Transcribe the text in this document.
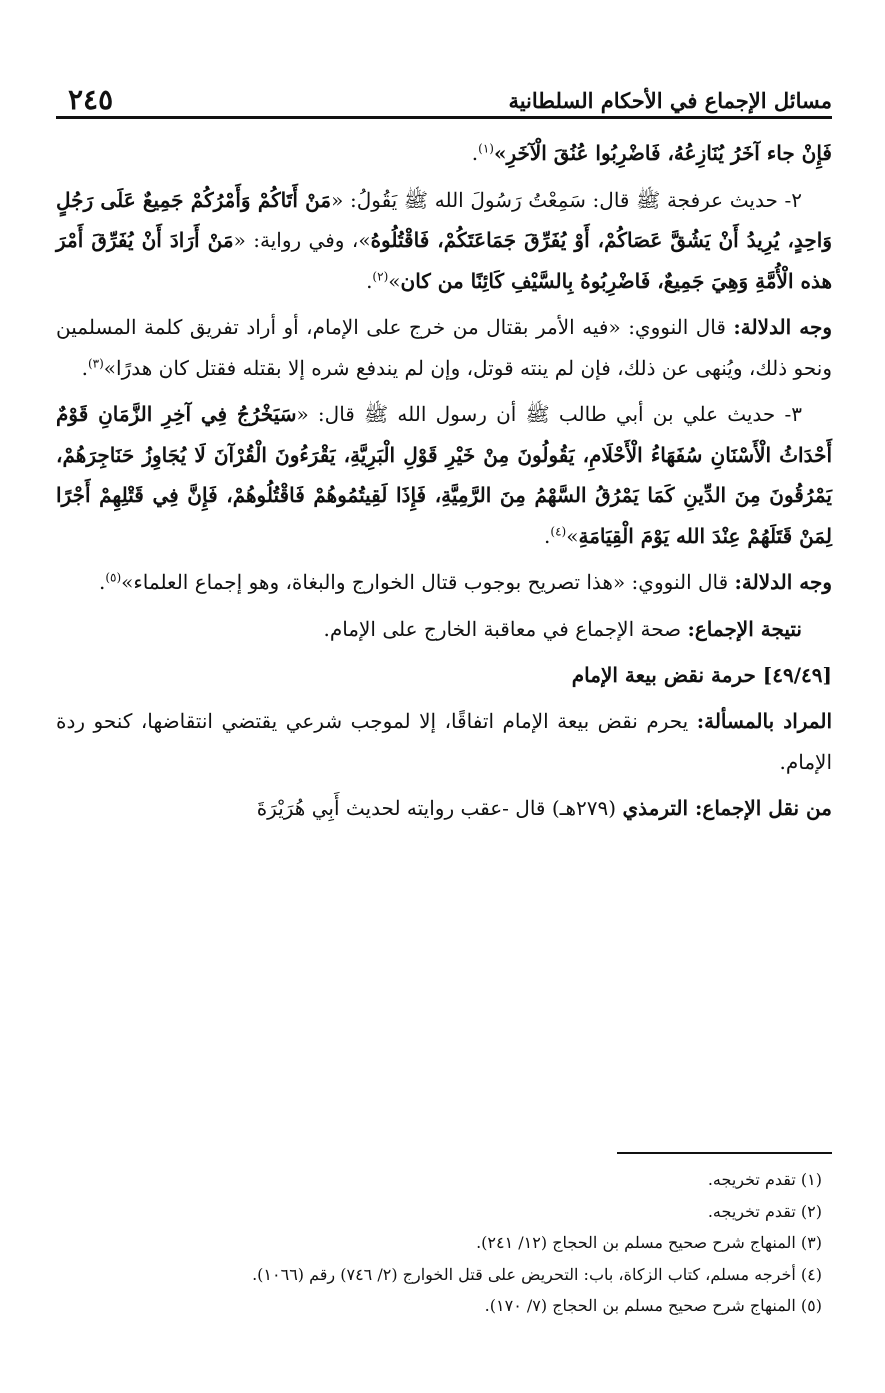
مسائل الإجماع في الأحكام السلطانية
٢٤٥

فَإِنْ جاء آخَرُ يُنَازِعُهُ، فَاضْرِبُوا عُنُقَ الْآخَرِ»$^{(١)}$.

٢- حديث عرفجة ﷺ قال: سَمِعْتُ رَسُولَ الله ﷺ يَقُولُ: «مَنْ أَتَاكُمْ وَأَمْرُكُمْ جَمِيعٌ عَلَى رَجُلٍ وَاحِدٍ، يُرِيدُ أَنْ يَشُقَّ عَصَاكُمْ، أَوْ يُفَرِّقَ جَمَاعَتَكُمْ، فَاقْتُلُوهُ»، وفي رواية: «مَنْ أَرَادَ أَنْ يُفَرِّقَ أَمْرَ هذه الْأُمَّةِ وَهِيَ جَمِيعٌ، فَاضْرِبُوهُ بِالسَّيْفِ كَائِنًا من كان»$^{(٢)}$.

وجه الدلالة: قال النووي: «فيه الأمر بقتال من خرج على الإمام، أو أراد تفريق كلمة المسلمين ونحو ذلك، ويُنهى عن ذلك، فإن لم ينته قوتل، وإن لم يندفع شره إلا بقتله فقتل كان هدرًا»$^{(٣)}$.

٣- حديث علي بن أبي طالب ﷺ أن رسول الله ﷺ قال: «سَيَخْرُجُ فِي آخِرِ الزَّمَانِ قَوْمٌ أَحْدَاثُ الْأَسْنَانِ سُفَهَاءُ الْأَحْلَامِ، يَقُولُونَ مِنْ خَيْرِ قَوْلِ الْبَرِيَّةِ، يَقْرَءُونَ الْقُرْآنَ لَا يُجَاوِزُ حَنَاجِرَهُمْ، يَمْرُقُونَ مِنَ الدِّينِ كَمَا يَمْرُقُ السَّهْمُ مِنَ الرَّمِيَّةِ، فَإِذَا لَقِيتُمُوهُمْ فَاقْتُلُوهُمْ، فَإِنَّ فِي قَتْلِهِمْ أَجْرًا لِمَنْ قَتَلَهُمْ عِنْدَ الله يَوْمَ الْقِيَامَةِ»$^{(٤)}$.

وجه الدلالة: قال النووي: «هذا تصريح بوجوب قتال الخوارج والبغاة، وهو إجماع العلماء»$^{(٥)}$.

نتيجة الإجماع: صحة الإجماع في معاقبة الخارج على الإمام.

[٤٩/٤٩] حرمة نقض بيعة الإمام

المراد بالمسألة: يحرم نقض بيعة الإمام اتفاقًا، إلا لموجب شرعي يقتضي انتقاضها، كنحو ردة الإمام.

من نقل الإجماع: الترمذي (٢٧٩هـ) قال -عقب روايته لحديث أَبِي هُرَيْرَةَ

(١) تقدم تخريجه.

(٢) تقدم تخريجه.

(٣) المنهاج شرح صحيح مسلم بن الحجاج (١٢/ ٢٤١).

(٤) أخرجه مسلم، كتاب الزكاة، باب: التحريض على قتل الخوارج (٢/ ٧٤٦) رقم (١٠٦٦).

(٥) المنهاج شرح صحيح مسلم بن الحجاج (٧/ ١٧٠).
